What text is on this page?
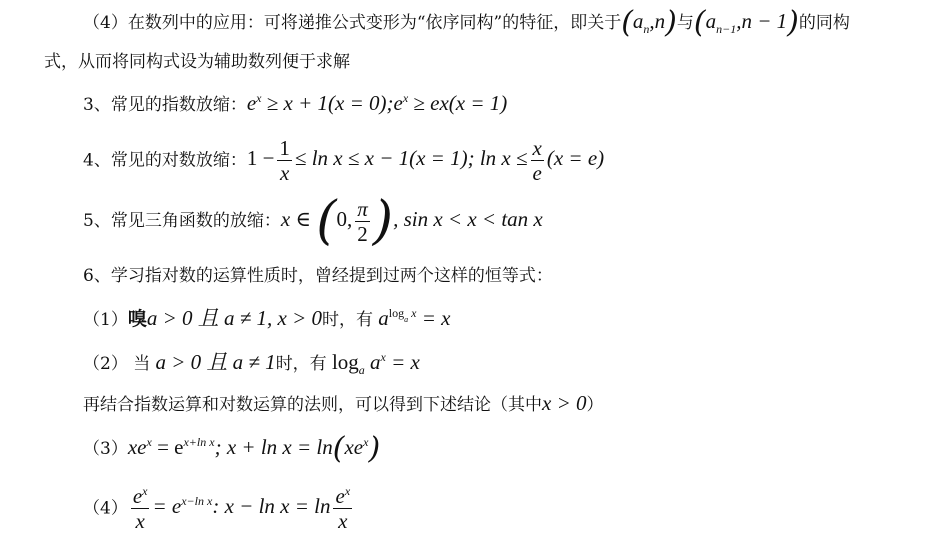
（4）在数列中的应用：可将递推公式变形为“依序同构”的特征，即关于$(a_n,n)$与$(a_{n-1},n - 1)$的同构
式，从而将同构式设为辅助数列便于求解
3、常见的指数放缩：$e^x \ge x + 1(x$ = $0);e^x \ge ex(x = 1)$
4、常见的对数放缩：$1 - \frac{1}{x} \le \ln x \le x - 1(x = 1)$; $\ln x \le \frac{x}{e} (x = e)$
5、常见三角函数的放缩：x ∈ (0, $\frac{\pi}{2}$ ), sin x < x < tan x
6、学习指对数的运算性质时，曾经提到过两个这样的恒等式：
（1）嗅a > 0 且 a ≠ 1, x > 0时，有 $a^{log_a x} = x$
（2） 当 a > 0 且 a ≠ 1时，有 $\log_a a^x = x$
再结合指数运算和对数运算的法则，可以得到下述结论（其中x > 0）
$(3)xe^x = e^{x+ln x}$; $x + \ln x = \ln(xe^x)$
$(4) \frac{e^x}{x} = e^{x-ln x}$: $x - \ln x = \ln \frac{e^x}{x}$
